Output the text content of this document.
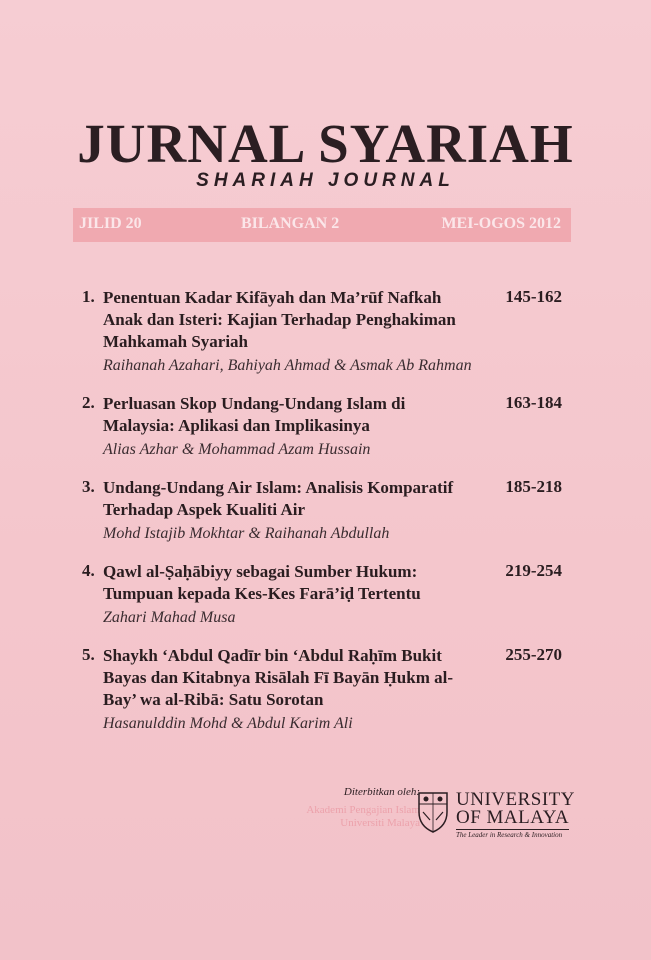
JURNAL SYARIAH
SHARIAH JOURNAL
JILID 20	BILANGAN 2	MEI-OGOS 2012
1. Penentuan Kadar Kifāyah dan Ma’rūf Nafkah Anak dan Isteri: Kajian Terhadap Penghakiman Mahkamah Syariah
145-162
Raihanah Azahari, Bahiyah Ahmad & Asmak Ab Rahman
2. Perluasan Skop Undang-Undang Islam di Malaysia: Aplikasi dan Implikasinya
163-184
Alias Azhar & Mohammad Azam Hussain
3. Undang-Undang Air Islam: Analisis Komparatif Terhadap Aspek Kualiti Air
185-218
Mohd Istajib Mokhtar & Raihanah Abdullah
4. Qawl al-Ṣaḥābiyy sebagai Sumber Hukum: Tumpuan kepada Kes-Kes Farā’iḍ Tertentu
219-254
Zahari Mahad Musa
5. Shaykh ‘Abdul Qadīr bin ‘Abdul Raḥīm Bukit Bayas dan Kitabnya Risālah Fī Bayān Ḥukm al-Bay’ wa al-Ribā: Satu Sorotan
255-270
Hasanulddin Mohd & Abdul Karim Ali
Diterbitkan oleh:
Akademi Pengajian Islam
Universiti Malaya
UNIVERSITY
OF MALAYA
The Leader in Research & Innovation
